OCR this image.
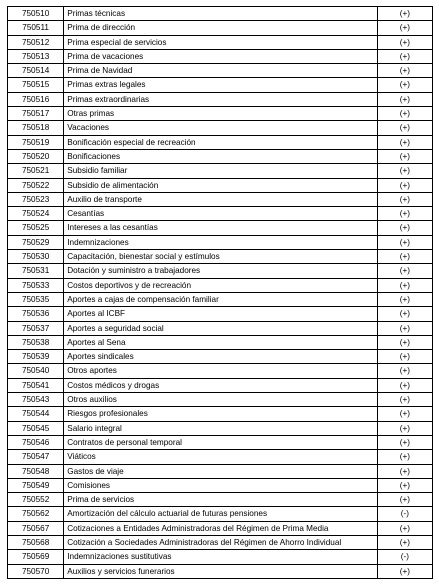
750510	Primas técnicas	(+)
750511	Prima de dirección	(+)
750512	Prima especial de servicios	(+)
750513	Prima de vacaciones	(+)
750514	Prima de Navidad	(+)
750515	Primas extras legales	(+)
750516	Primas extraordinarias	(+)
750517	Otras primas	(+)
750518	Vacaciones	(+)
750519	Bonificación especial de recreación	(+)
750520	Bonificaciones	(+)
750521	Subsidio familiar	(+)
750522	Subsidio de alimentación	(+)
750523	Auxilio de transporte	(+)
750524	Cesantías	(+)
750525	Intereses a las cesantías	(+)
750529	Indemnizaciones	(+)
750530	Capacitación, bienestar social y estímulos	(+)
750531	Dotación y suministro a trabajadores	(+)
750533	Costos deportivos y de recreación	(+)
750535	Aportes a cajas de compensación familiar	(+)
750536	Aportes al ICBF	(+)
750537	Aportes a seguridad social	(+)
750538	Aportes al Sena	(+)
750539	Aportes sindicales	(+)
750540	Otros aportes	(+)
750541	Costos médicos y drogas	(+)
750543	Otros auxilios	(+)
750544	Riesgos profesionales	(+)
750545	Salario integral	(+)
750546	Contratos de personal temporal	(+)
750547	Viáticos	(+)
750548	Gastos de viaje	(+)
750549	Comisiones	(+)
750552	Prima de servicios	(+)
750562	Amortización del cálculo actuarial de futuras pensiones	(-)
750567	Cotizaciones a Entidades Administradoras del Régimen de Prima Media	(+)
750568	Cotización a Sociedades Administradoras del Régimen de Ahorro Individual	(+)
750569	Indemnizaciones sustitutivas	(-)
750570	Auxilios y servicios funerarios	(+)
